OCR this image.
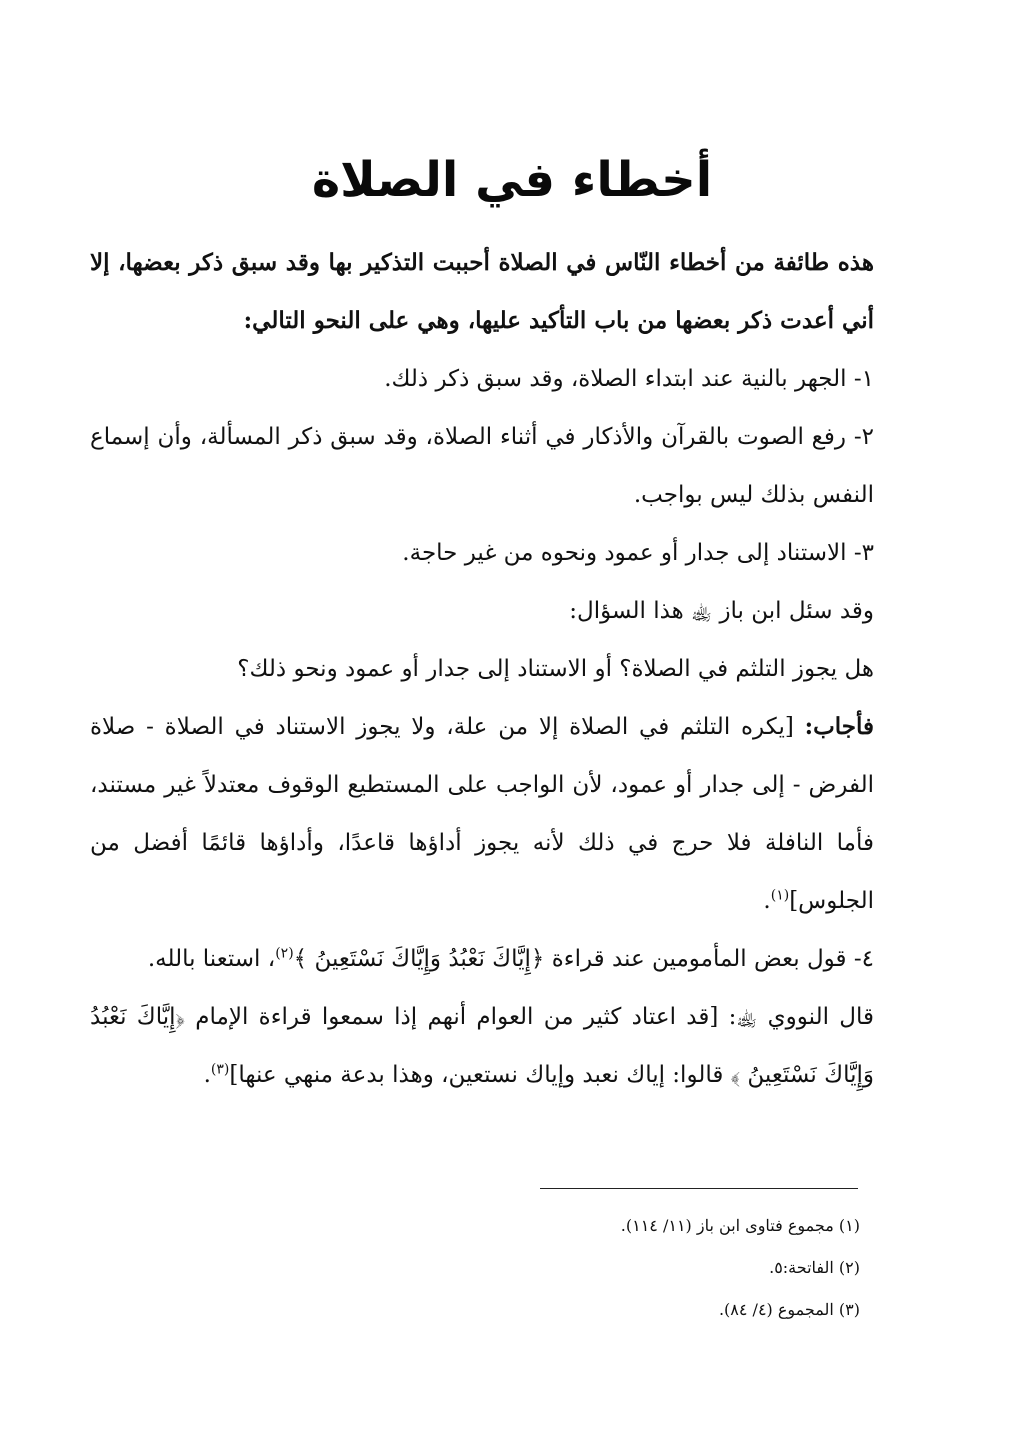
أخطاء في الصلاة

هذه طائفة من أخطاء النّاس في الصلاة أحببت التذكير بها وقد سبق ذكر بعضها، إلا أني أعدت ذكر بعضها من باب التأكيد عليها، وهي على النحو التالي:

١- الجهر بالنية عند ابتداء الصلاة، وقد سبق ذكر ذلك.

٢- رفع الصوت بالقرآن والأذكار في أثناء الصلاة، وقد سبق ذكر المسألة، وأن إسماع النفس بذلك ليس بواجب.

٣- الاستناد إلى جدار أو عمود ونحوه من غير حاجة.

وقد سئل ابن باز ﵀ هذا السؤال:

هل يجوز التلثم في الصلاة؟ أو الاستناد إلى جدار أو عمود ونحو ذلك؟

فأجاب: [يكره التلثم في الصلاة إلا من علة، ولا يجوز الاستناد في الصلاة - صلاة الفرض - إلى جدار أو عمود، لأن الواجب على المستطيع الوقوف معتدلاً غير مستند، فأما النافلة فلا حرج في ذلك لأنه يجوز أداؤها قاعدًا، وأداؤها قائمًا أفضل من الجلوس]$^{(١)}$.

٤- قول بعض المأمومين عند قراءة ﴿إِيَّاكَ نَعْبُدُ وَإِيَّاكَ نَسْتَعِينُ ﴾$^{(٢)}$، استعنا بالله.

قال النووي ﵀: [قد اعتاد كثير من العوام أنهم إذا سمعوا قراءة الإمام ﴿إِيَّاكَ نَعْبُدُ وَإِيَّاكَ نَسْتَعِينُ ﴾ قالوا: إياك نعبد وإياك نستعين، وهذا بدعة منهي عنها]$^{(٣)}$.

(١) مجموع فتاوى ابن باز (١١/ ١١٤).

(٢) الفاتحة:٥.

(٣) المجموع (٤/ ٨٤).
